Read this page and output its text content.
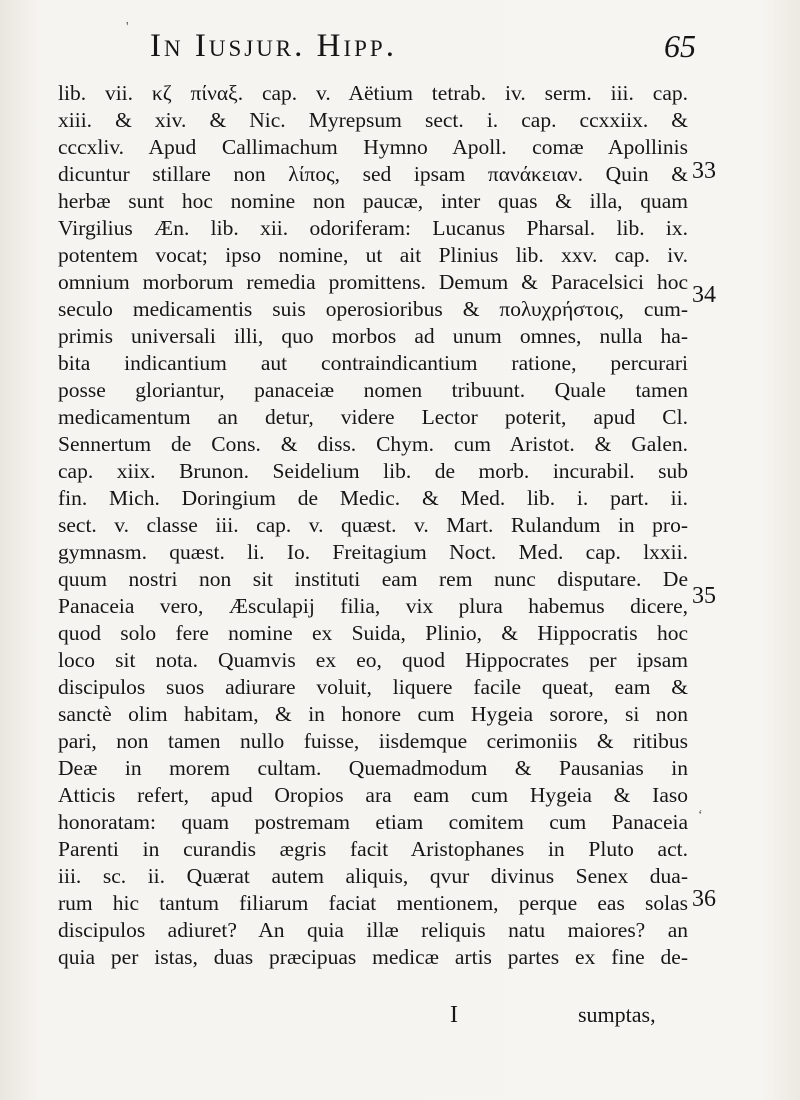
In Iusjur. Hipp.	65
lib. vii. κζ πίναξ. cap. v. Aëtium tetrab. iv. serm. iii. cap.
xiii. & xiv. & Nic. Myrepsum sect. i. cap. ccxxiix. &
cccxliv. Apud Callimachum Hymno Apoll. comæ Apollinis
dicuntur stillare non λίπος, sed ipsam πανάκειαν. Quin &
herbæ sunt hoc nomine non paucæ, inter quas & illa, quam
Virgilius Æn. lib. xii. odoriferam: Lucanus Pharsal. lib. ix.
potentem vocat; ipso nomine, ut ait Plinius lib. xxv. cap. iv.
omnium morborum remedia promittens. Demum & Paracelsici hoc
seculo medicamentis suis operosioribus & πολυχρήστοις, cum-
primis universali illi, quo morbos ad unum omnes, nulla ha-
bita indicantium aut contraindicantium ratione, percurari
posse gloriantur, panaceiæ nomen tribuunt. Quale tamen
medicamentum an detur, videre Lector poterit, apud Cl.
Sennertum de Cons. & diss. Chym. cum Aristot. & Galen.
cap. xiix. Brunon. Seidelium lib. de morb. incurabil. sub
fin. Mich. Doringium de Medic. & Med. lib. i. part. ii.
sect. v. classe iii. cap. v. quæst. v. Mart. Rulandum in pro-
gymnasm. quæst. li. Io. Freitagium Noct. Med. cap. lxxii.
quum nostri non sit instituti eam rem nunc disputare. De
Panaceia vero, Æsculapij filia, vix plura habemus dicere,
quod solo fere nomine ex Suida, Plinio, & Hippocratis hoc
loco sit nota. Quamvis ex eo, quod Hippocrates per ipsam
discipulos suos adiurare voluit, liquere facile queat, eam &
sanctè olim habitam, & in honore cum Hygeia sorore, si non
pari, non tamen nullo fuisse, iisdemque cerimoniis & ritibus
Deæ in morem cultam. Quemadmodum & Pausanias in
Atticis refert, apud Oropios ara eam cum Hygeia & Iaso
honoratam: quam postremam etiam comitem cum Panaceia
Parenti in curandis ægris facit Aristophanes in Pluto act.
iii. sc. ii. Quærat autem aliquis, qvur divinus Senex dua-
rum hic tantum filiarum faciat mentionem, perque eas solas
discipulos adiuret? An quia illæ reliquis natu maiores? an
quia per istas, duas præcipuas medicæ artis partes ex fine de-
33
34
35
36
'
‘
I	sumptas,
